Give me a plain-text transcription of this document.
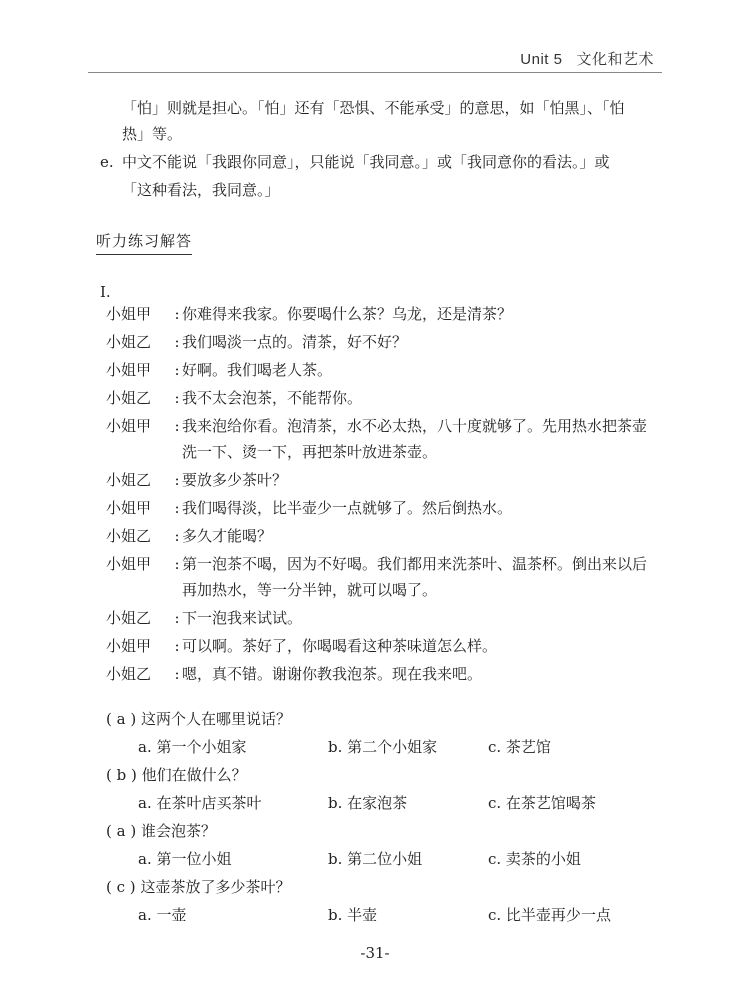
Unit 5 文化和艺术
「怕」则就是担心。「怕」还有「恐惧、不能承受」的意思，如「怕黑」、「怕
热」等。
e. 中文不能说「我跟你同意」，只能说「我同意。」或「我同意你的看法。」或
「这种看法，我同意。」
听力练习解答
I.
小姐甲 : 你难得来我家。你要喝什么茶？乌龙，还是清茶？
小姐乙 : 我们喝淡一点的。清茶，好不好？
小姐甲 : 好啊。我们喝老人茶。
小姐乙 : 我不太会泡茶，不能帮你。
小姐甲 : 我来泡给你看。泡清茶，水不必太热，八十度就够了。先用热水把茶壶
洗一下、烫一下，再把茶叶放进茶壶。
小姐乙 : 要放多少茶叶？
小姐甲 : 我们喝得淡，比半壶少一点就够了。然后倒热水。
小姐乙 : 多久才能喝？
小姐甲 : 第一泡茶不喝，因为不好喝。我们都用来洗茶叶、温茶杯。倒出来以后
再加热水，等一分半钟，就可以喝了。
小姐乙 : 下一泡我来试试。
小姐甲 : 可以啊。茶好了，你喝喝看这种茶味道怎么样。
小姐乙 : 嗯，真不错。谢谢你教我泡茶。现在我来吧。
( a ) 这两个人在哪里说话？
a. 第一个小姐家	b. 第二个小姐家	c. 茶艺馆
( b ) 他们在做什么？
a. 在茶叶店买茶叶	b. 在家泡茶	c. 在茶艺馆喝茶
( a ) 谁会泡茶？
a. 第一位小姐	b. 第二位小姐	c. 卖茶的小姐
( c ) 这壶茶放了多少茶叶？
a. 一壶	b. 半壶	c. 比半壶再少一点
-31-
